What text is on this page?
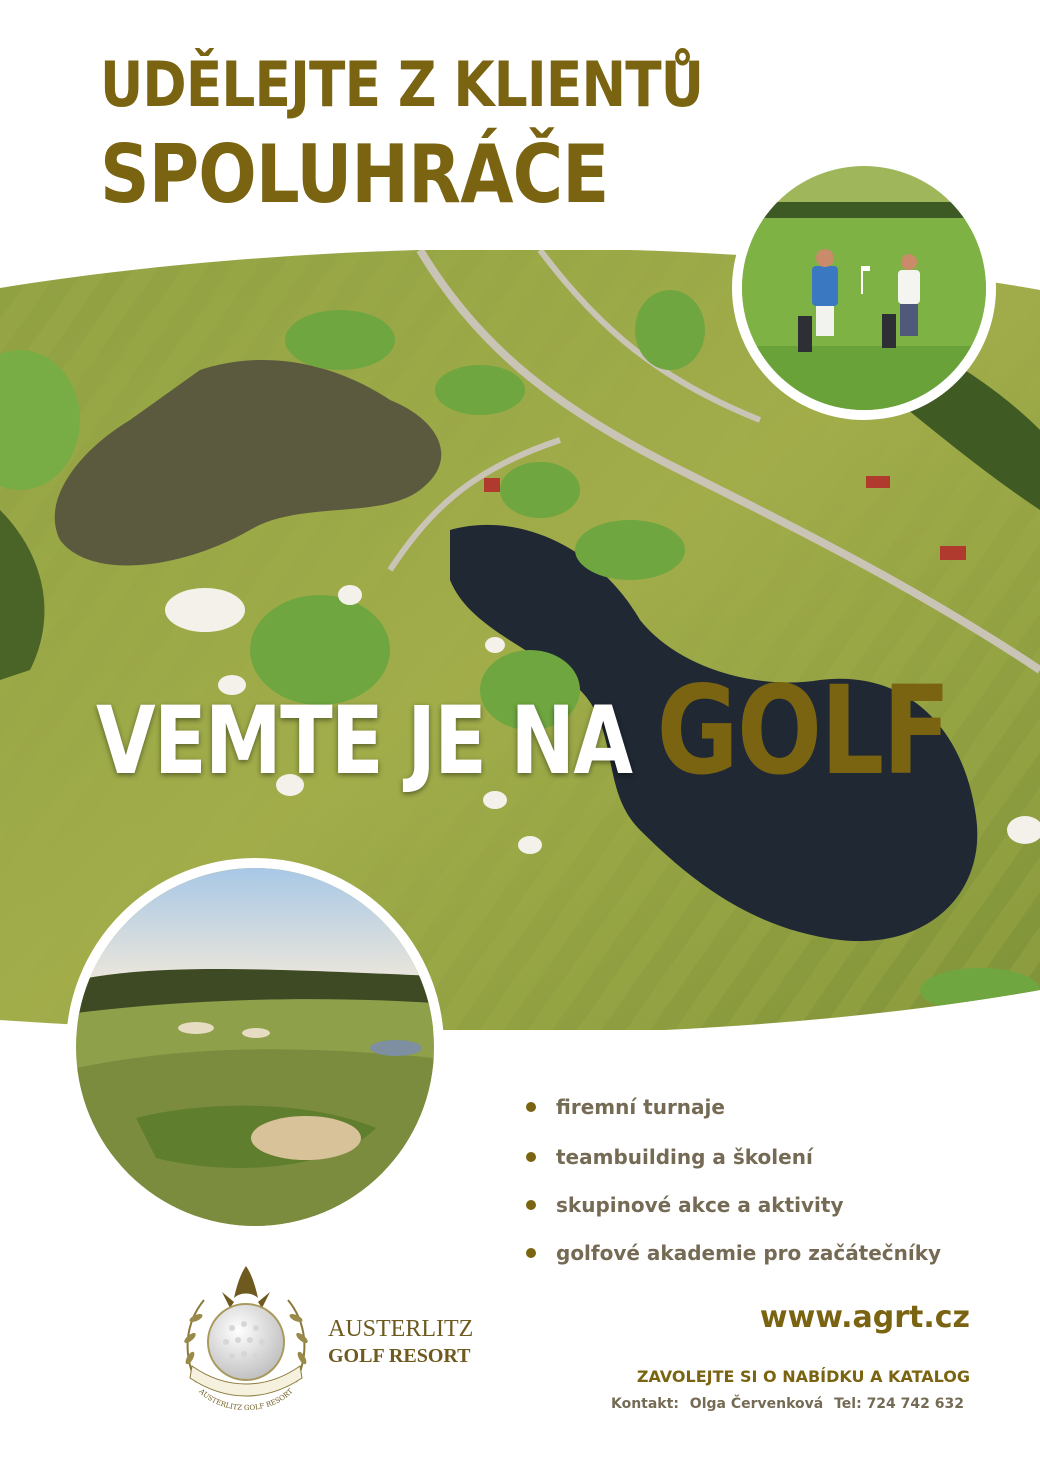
UDĚLEJTE Z KLIENTŮ
SPOLUHRÁČE
VEMTE JE NA GOLF
firemní turnaje
teambuilding a školení
skupinové akce a aktivity
golfové akademie pro začátečníky
AUSTERLITZ GOLF RESORT
AUSTERLITZ
GOLF RESORT
www.agrt.cz
ZAVOLEJTE SI O NABÍDKU A KATALOG
Kontakt: Olga Červenková Tel: 724 742 632
